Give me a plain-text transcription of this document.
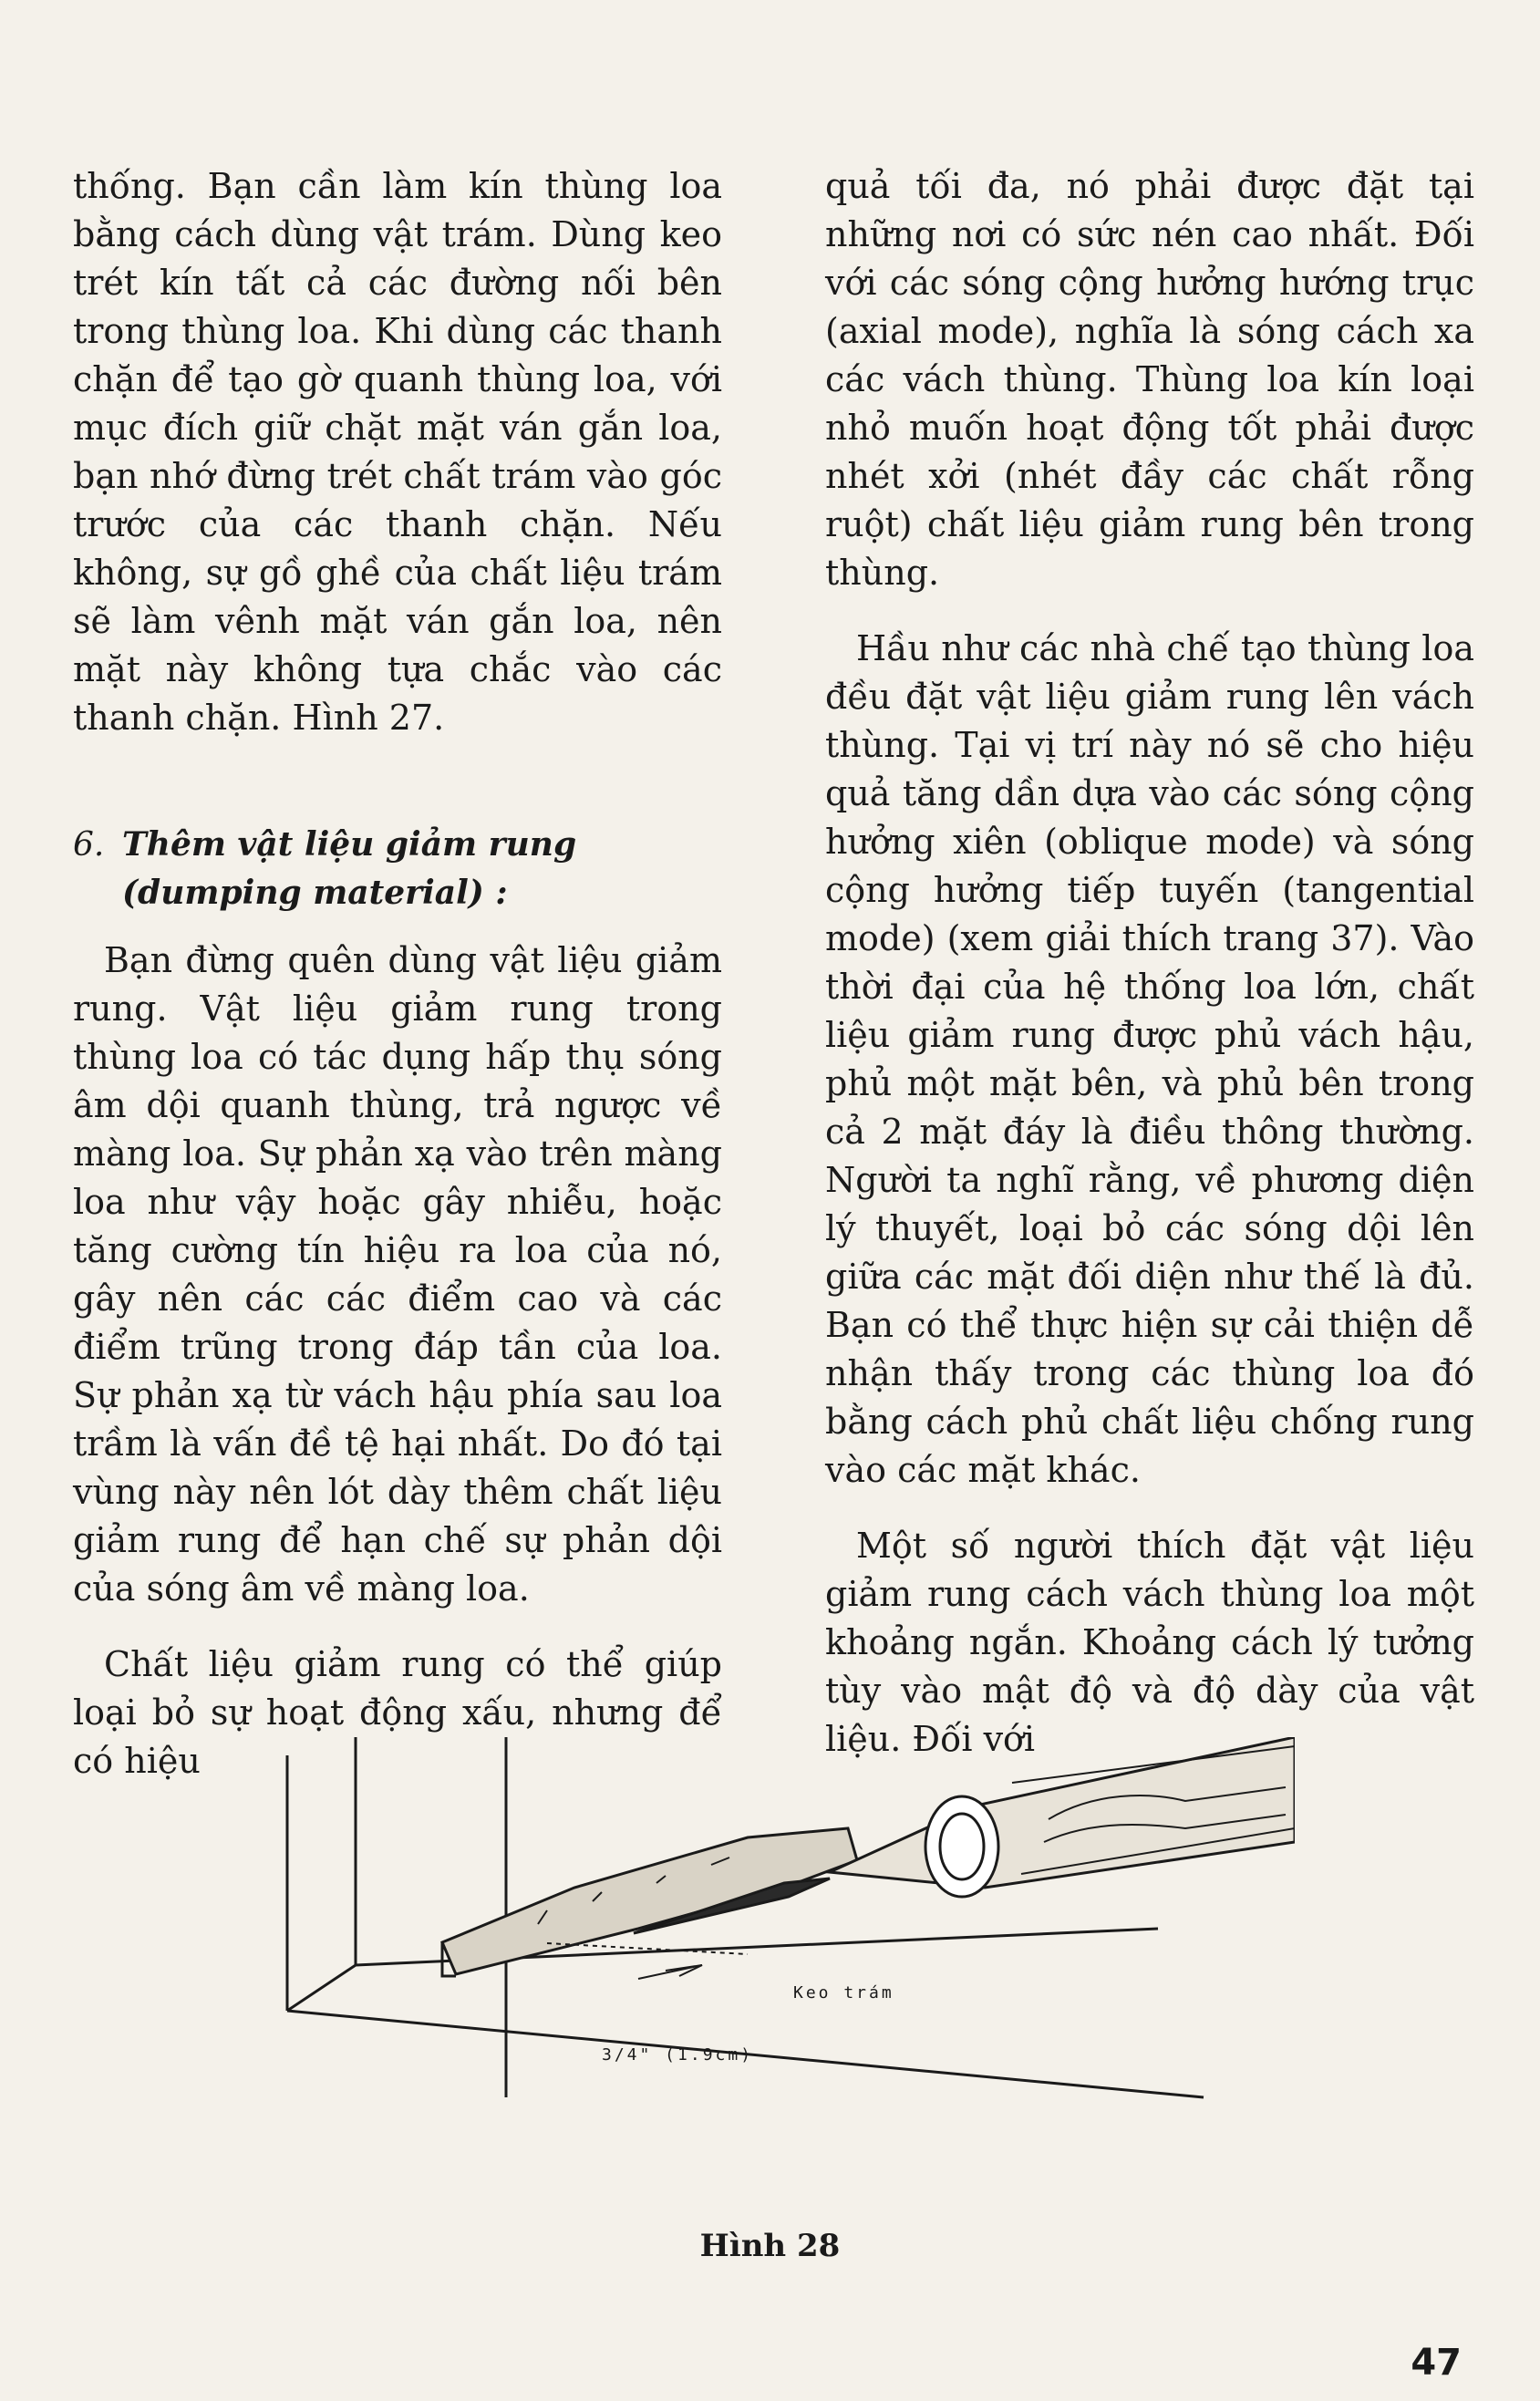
thống. Bạn cần làm kín thùng loa bằng cách dùng vật trám. Dùng keo trét kín tất cả các đường nối bên trong thùng loa. Khi dùng các thanh chặn để tạo gờ quanh thùng loa, với mục đích giữ chặt mặt ván gắn loa, bạn nhớ đừng trét chất trám vào góc trước của các thanh chặn. Nếu không, sự gồ ghề của chất liệu trám sẽ làm vênh mặt ván gắn loa, nên mặt này không tựa chắc vào các thanh chặn. Hình 27.

6. Thêm vật liệu giảm rung
(dumping material) :

Bạn đừng quên dùng vật liệu giảm rung. Vật liệu giảm rung trong thùng loa có tác dụng hấp thụ sóng âm dội quanh thùng, trả ngược về màng loa. Sự phản xạ vào trên màng loa như vậy hoặc gây nhiễu, hoặc tăng cường tín hiệu ra loa của nó, gây nên các các điểm cao và các điểm trũng trong đáp tần của loa. Sự phản xạ từ vách hậu phía sau loa trầm là vấn đề tệ hại nhất. Do đó tại vùng này nên lót dày thêm chất liệu giảm rung để hạn chế sự phản dội của sóng âm về màng loa.

Chất liệu giảm rung có thể giúp loại bỏ sự hoạt động xấu, nhưng để có hiệu

quả tối đa, nó phải được đặt tại những nơi có sức nén cao nhất. Đối với các sóng cộng hưởng hướng trục (axial mode), nghĩa là sóng cách xa các vách thùng. Thùng loa kín loại nhỏ muốn hoạt động tốt phải được nhét xởi (nhét đầy các chất rỗng ruột) chất liệu giảm rung bên trong thùng.

Hầu như các nhà chế tạo thùng loa đều đặt vật liệu giảm rung lên vách thùng. Tại vị trí này nó sẽ cho hiệu quả tăng dần dựa vào các sóng cộng hưởng xiên (oblique mode) và sóng cộng hưởng tiếp tuyến (tangential mode) (xem giải thích trang 37). Vào thời đại của hệ thống loa lớn, chất liệu giảm rung được phủ vách hậu, phủ một mặt bên, và phủ bên trong cả 2 mặt đáy là điều thông thường. Người ta nghĩ rằng, về phương diện lý thuyết, loại bỏ các sóng dội lên giữa các mặt đối diện như thế là đủ. Bạn có thể thực hiện sự cải thiện dễ nhận thấy trong các thùng loa đó bằng cách phủ chất liệu chống rung vào các mặt khác.

Một số người thích đặt vật liệu giảm rung cách vách thùng loa một khoảng ngắn. Khoảng cách lý tưởng tùy vào mật độ và độ dày của vật liệu. Đối với

Keo trám
3/4" (1.9cm)
Hình 28
47
